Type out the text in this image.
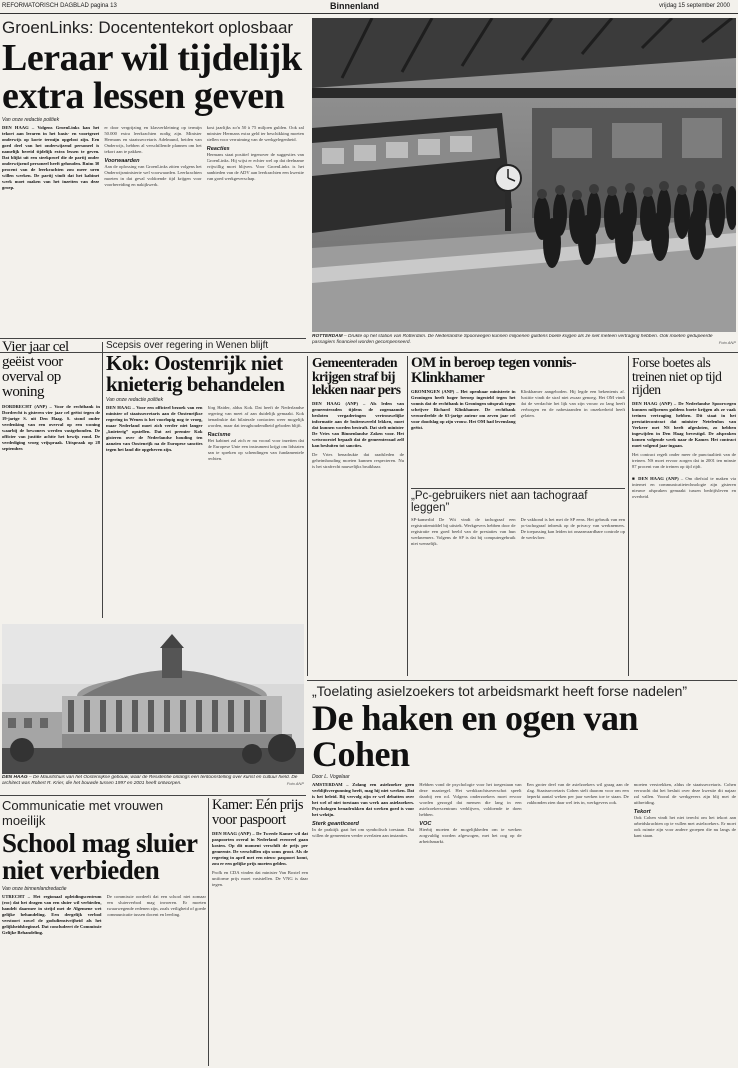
REFORMATORISCH DAGBLAD pagina 13	Binnenland	vrijdag 15 september 2000
GroenLinks: Docententekort oplosbaar
Leraar wil tijdelijk
extra lessen geven
Van onze redactie politiek
DEN HAAG – Volgens GroenLinks kan het tekort aan leraren in het basis- en voortgezet onderwijs op korte termijn opgelost zijn. Een goed deel van het onderwijzend personeel is namelijk bereid tijdelijk extra lessen te geven. Dat blijkt uit een steekproef die de partij onder onderwijzend personeel heeft gehouden. Ruim 30 procent van de leerkrachten zou meer uren willen werken. De partij vindt dat het kabinet werk moet maken van het inzetten van deze groep.
er door vergrijzing en klasverkleining op termijn 50.000 extra leerkrachten nodig zijn. Minister Hermans en staatssecretaris Adelmund, beiden van Onderwijs, hebben al verschillende plannen om het tekort aan te pakken.
Voorwaarden
Aan de oplossing van GroenLinks zitten volgens het Onderwijsministerie wel voorwaarden. Leerkrachten moeten in dat geval voldoende tijd krijgen voor voorbereiding en nakijkwerk.
kost jaarlijks zo'n 50 à 75 miljoen gulden. Ook zal minister Hermans extra geld ter beschikking moeten stellen voor verruiming van de werkgelegenheid.
Reacties
Hermans staat positief tegenover de suggesties van GroenLinks. Hij wijst er echter wel op dat deelname vrijwillig moet blijven. Voor GroenLinks is het aanbieden van de ADV aan leerkrachten een kwestie van goed werkgeverschap.
ROTTERDAM – Drukte op het station van Rotterdam. De Nederlandse Spoorwegen kunnen miljoenen guldens boete krijgen als ze niet meteen vertraging hebben. Ook moeten gedupeerde passagiers financieel worden gecompenseerd.	Foto ANP
Vier jaar cel geëist voor overval op woning
DORDRECHT (ANP) – Voor de rechtbank in Dordrecht is gisteren vier jaar cel geëist tegen de 19-jarige S. uit Den Haag. S. stond onder verdenking van een overval op een woning waarbij de bewoners werden vastgebonden. De officier van justitie achtte het bewijs rond. De verdediging vroeg vrijspraak. Uitspraak op 28 september.
Scepsis over regering in Wenen blijft
Kok: Oostenrijk niet knieterig behandelen
Van onze redactie politiek
DEN HAAG – Voor een officieel bezoek van een minister of staatssecretaris aan de Oostenrijkse regering in Wenen is het voorlopig nog te vroeg, maar Nederland moet zich verder niet langer „knieterig” opstellen. Dat zei premier Kok gisteren over de Nederlandse houding ten aanzien van Oostenrijk na de Europese sancties tegen het land die opgeheven zijn.
Jörg Haider, aldus Kok. Dat heeft de Nederlandse regering van meet af aan duidelijk gemaakt. Kok benadrukte dat bilaterale contacten weer mogelijk worden, maar dat terughoudendheid geboden blijft.
Racisme
Het kabinet zal zich er nu vooral voor inzetten dat de Europese Unie een instrument krijgt om lidstaten aan te spreken op schendingen van fundamentele rechten.
Gemeenteraden krijgen straf bij lekken naar pers
DEN HAAG (ANP) – Als leden van gemeenteraden tijdens de zogenaamde besloten vergaderingen vertrouwelijke informatie aan de buitenwereld lekken, moet dat kunnen worden bestraft. Dat stelt minister De Vries van Binnenlandse Zaken voor. Het wetsvoorstel bepaalt dat de gemeenteraad zelf kan besluiten tot sancties.
De Vries benadrukte dat raadsleden de geheimhouding moeten kunnen respecteren. Nu is het strafrecht nauwelijks bruikbaar.
OM in beroep tegen vonnis-Klinkhamer
GRONINGEN (ANP) – Het openbaar ministerie in Groningen heeft hoger beroep ingesteld tegen het vonnis dat de rechtbank in Groningen uitsprak tegen schrijver Richard Klinkhamer. De rechtbank veroordeelde de 63-jarige auteur om zeven jaar cel voor doodslag op zijn vrouw. Het OM had levenslang geëist.
Klinkhamer aangeboden. Hij legde een bekentenis af. Justitie vindt de straf niet zwaar genoeg. Het OM vindt dat de verdachte het lijk van zijn vrouw zo lang heeft verborgen en de nabestaanden in onzekerheid heeft gelaten.
„Pc-gebruikers niet aan tachograaf leggen”
SP-kamerlid De Wit vindt de tachograaf een registratiemiddel bij uitstek. Werkgevers hebben door de registratie een goed beeld van de prestaties van hun werknemers. Volgens de SP is dat bij computergebruik niet wenselijk.
De vakbond is het met de SP eens. Het gebruik van een pc-tachograaf inbreuk op de privacy van werknemers. De toepassing kan leiden tot onaanvaardbare controle op de werkvloer.
Forse boetes als treinen niet op tijd rijden
DEN HAAG (ANP) – De Nederlandse Spoorwegen kunnen miljoenen guldens boete krijgen als ze vaak treinen vertraging hebben. Dit staat in het prestatiecontract dat minister Netelenbos van Verkeer met NS heeft afgesloten, zo hebben ingewijden in Den Haag bevestigd. De afspraken komen volgende week naar de Kamer. Het contract moet volgend jaar ingaan.
Het contract regelt onder meer de punctualiteit van de treinen. NS moet ervoor zorgen dat in 2001 ten minste 87 procent van de treinen op tijd rijdt.
■ DEN HAAG (ANP) – Om diefstal te maken via internet en communicatietechnologie zijn gisteren nieuwe afspraken gemaakt tussen bedrijfsleven en overheid.
DEN HAAG – De Mauritshuis van het Oostenrijkse gebouw, waar de Residentie onlangs een tentoonstelling over kunst en cultuur hield. De architect was Robert R. Krier, die het bouwde tussen 1997 en 2001 heeft ontworpen.	Foto ANP
Communicatie met vrouwen moeilijk
School mag sluier
niet verbieden
Van onze binnenlandredactie
UTRECHT – Het regionaal opleidingscentrum (roc) dat het dragen van een sluier wil verbieden, handelt daarmee in strijd met de Algemene wet gelijke behandeling. Een dergelijk verbod verstoort zowel de godsdienstvrijheid als het gelijkheidsbeginsel. Dat concludeert de Commissie Gelijke Behandeling.
De commissie oordeelt dat een school niet zomaar een sluierverbod mag invoeren. Er moeten zwaarwegende redenen zijn, zoals veiligheid of goede communicatie tussen docent en leerling.
Kamer: Eén prijs voor paspoort
DEN HAAG (ANP) – De Tweede Kamer wil dat paspoorten overal in Nederland evenveel gaan kosten. Op dit moment verschilt de prijs per gemeente. De verschillen zijn soms groot. Als de regering in april met een nieuw paspoort komt, zou er een gelijke prijs moeten gelden.
Profk en CDA vinden dat minister Van Boxtel een uniforme prijs moet vaststellen. De VNG is daar tegen.
„Toelating asielzoekers tot arbeidsmarkt heeft forse nadelen”
De haken en ogen van Cohen
Door L. Vogelaar
AMSTERDAM – Zolang een asielzoeker geen verblijfsvergunning heeft, mag hij niet werken. Dat is het beleid. Bij vervolg zijn er wel debatten over het wel of niet toestaan van werk aan asielzoekers. Psychologen benadrukken dat werken goed is voor het welzijn.
Sterk geanticeerd
In de praktijk gaat het om symbolisch toestaan. Dat willen de gemeenten verder overlaten aan instanties.
Hebben vond de psychologie voor het toegestaan van deze maatregel. Het werkkrachtsoverschot speelt daarbij een rol. Volgens onderzoekers moet ervoor worden gezorgd dat mensen die lang in een asielzoekerscentrum verblijven, voldoende te doen hebben.
VOC
Hierbij moeten de mogelijkheden om te werken zorgvuldig worden afgewogen, met het oog op de arbeidsmarkt.
Een groter deel van de asielzoekers wil graag aan de slag. Staatssecretaris Cohen stelt daarom voor om een beperkt aantal weken per jaar werken toe te staan. De vakbonden zien daar wel iets in, werkgevers ook.
moeten verstrekken, aldus de staatssecretaris. Cohen verwacht dat het besluit over deze kwestie dit najaar zal vallen. Vooral de werkgevers zijn blij met de uitbreiding.
Tekort
Ook Cohen vindt het niet terecht om het tekort aan arbeidskrachten op te vullen met asielzoekers. Er moet ook ruimte zijn voor andere groepen die nu langs de kant staan.
